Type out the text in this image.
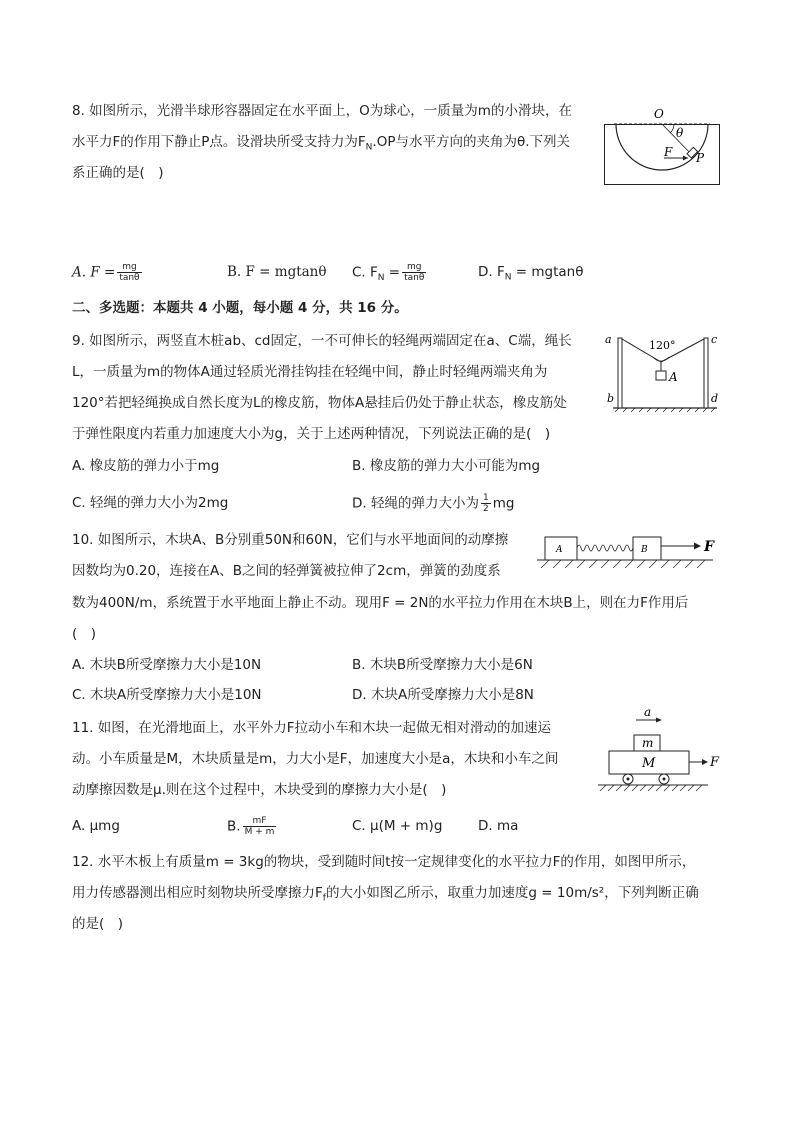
8. 如图所示，光滑半球形容器固定在水平面上，O为球心，一质量为m的小滑块，在
水平力F的作用下静止P点。设滑块所受支持力为$F_N.OP$与水平方向的夹角为θ.下列关
系正确的是(　)
O
θ
F P
A. $F = \frac{mg}{\tan\theta}$	B. F = mgtanθ C. $F_N = \frac{mg}{\tan\theta}$	D. $F_N = mgtan\theta$
二、多选题：本题共 4 小题，每小题 4 分，共 16 分。
9. 如图所示，两竖直木桩ab、cd固定，一不可伸长的轻绳两端固定在a、C端，绳长
L，一质量为m的物体A通过轻质光滑挂钩挂在轻绳中间，静止时轻绳两端夹角为
120°若把轻绳换成自然长度为L的橡皮筋，物体A悬挂后仍处于静止状态，橡皮筋处
于弹性限度内若重力加速度大小为g，关于上述两种情况，下列说法正确的是(　)
a	c
b	d
120°
A
A. 橡皮筋的弹力小于mg	B. 橡皮筋的弹力大小可能为mg
C. 轻绳的弹力大小为2mg	D. 轻绳的弹力大小为 $\frac{1}{2}$ mg
10. 如图所示，木块A、B分别重50N和60N，它们与水平地面间的动摩擦
因数均为0.20，连接在A、B之间的轻弹簧被拉伸了2cm，弹簧的劲度系
数为400N/m，系统置于水平地面上静止不动。现用F = 2N的水平拉力作用在木块B上，则在力F作用后
(　)
A	B	F
A. 木块B所受摩擦力大小是10N	B. 木块B所受摩擦力大小是6N
C. 木块A所受摩擦力大小是10N	D. 木块A所受摩擦力大小是8N
11. 如图，在光滑地面上，水平外力F拉动小车和木块一起做无相对滑动的加速运
动。小车质量是M，木块质量是m，力大小是F，加速度大小是a，木块和小车之间
动摩擦因数是μ.则在这个过程中，木块受到的摩擦力大小是(　)
a
m
M	F
A. μmg	B. $\frac{mF}{M + m}$	C. μ(M + m)g	D. ma
12. 水平木板上有质量m = 3kg的物块，受到随时间t按一定规律变化的水平拉力F的作用，如图甲所示，
用力传感器测出相应时刻物块所受摩擦力$F_f$的大小如图乙所示，取重力加速度g = 10m/s²，下列判断正确
的是(　)
